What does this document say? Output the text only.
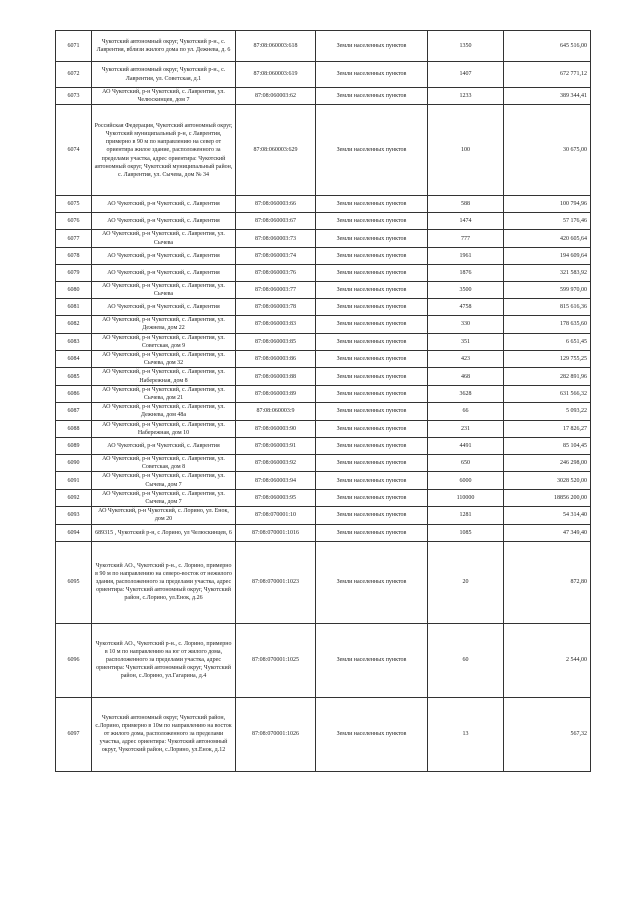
6071	Чукотский автономный округ, Чукотский р-н., с. Лаврентия, вблизи жилого дома по ул. Дежнева, д. 6	87:08:060003:618	Земли населенных пунктов	1350	645 516,00
6072	Чукотский автономный округ, Чукотский р-н., с. Лаврентия, ул. Советская, д.1	87:08:060003:619	Земли населенных пунктов	1407	672 771,12
6073	АО Чукотский, р-н Чукотский, с. Лаврентия, ул. Челюскинцев, дом 7	87:08:060003:62	Земли населенных пунктов	1233	389 344,41
6074	Российская Федерация, Чукотский автономный округ, Чукотский муниципальный р-н, с Лаврентия, примерно в 90 м по направлению на север от ориентира жилое здание, расположенного за пределами участка, адрес ориентира: Чукотский автономный округ, Чукотский муниципальный район, с. Лаврентия, ул. Сычева, дом № 34	87:08:060003:629	Земли населенных пунктов	100	30 675,00
6075	АО Чукотский, р-н Чукотский, с. Лаврентия	87:08:060003:66	Земли населенных пунктов	588	100 794,96
6076	АО Чукотский, р-н Чукотский, с. Лаврентия	87:08:060003:67	Земли населенных пунктов	1474	57 176,46
6077	АО Чукотский, р-н Чукотский, с. Лаврентия, ул. Сычева	87:08:060003:73	Земли населенных пунктов	777	420 605,64
6078	АО Чукотский, р-н Чукотский, с. Лаврентия	87:08:060003:74	Земли населенных пунктов	1961	194 609,64
6079	АО Чукотский, р-н Чукотский, с. Лаврентия	87:08:060003:76	Земли населенных пунктов	1876	321 583,92
6080	АО Чукотский, р-н Чукотский, с. Лаврентия, ул. Сычева	87:08:060003:77	Земли населенных пунктов	3500	599 970,00
6081	АО Чукотский, р-н Чукотский, с. Лаврентия	87:08:060003:78	Земли населенных пунктов	4758	815 616,36
6082	АО Чукотский, р-н Чукотский, с. Лаврентия, ул. Дежнева, дом 22	87:08:060003:83	Земли населенных пунктов	330	178 635,60
6083	АО Чукотский, р-н Чукотский, с. Лаврентия, ул. Советская, дом 9	87:08:060003:85	Земли населенных пунктов	351	6 651,45
6084	АО Чукотский, р-н Чукотский, с. Лаврентия, ул. Сычева, дом 32	87:08:060003:86	Земли населенных пунктов	423	129 755,25
6085	АО Чукотский, р-н Чукотский, с. Лаврентия, ул. Набережная, дом 8	87:08:060003:88	Земли населенных пунктов	468	282 891,96
6086	АО Чукотский, р-н Чукотский, с. Лаврентия, ул. Сычева, дом 21	87:08:060003:89	Земли населенных пунктов	3628	631 566,32
6087	АО Чукотский, р-н Чукотский, с. Лаврентия, ул. Дежнева, дом 48а	87:08:060003:9	Земли населенных пунктов	66	5 093,22
6088	АО Чукотский, р-н Чукотский, с. Лаврентия, ул. Набережная, дом 10	87:08:060003:90	Земли населенных пунктов	231	17 826,27
6089	АО Чукотский, р-н Чукотский, с. Лаврентия	87:08:060003:91	Земли населенных пунктов	4491	85 104,45
6090	АО Чукотский, р-н Чукотский, с. Лаврентия, ул. Советская, дом 8	87:08:060003:92	Земли населенных пунктов	650	246 298,00
6091	АО Чукотский, р-н Чукотский, с. Лаврентия, ул. Сычева, дом 7	87:08:060003:94	Земли населенных пунктов	6000	3028 520,00
6092	АО Чукотский, р-н Чукотский, с. Лаврентия, ул. Сычева, дом 7	87:08:060003:95	Земли населенных пунктов	110000	18856 200,00
6093	АО Чукотский, р-н Чукотский, с. Лорино, ул. Енок, дом 20	87:08:070001:10	Земли населенных пунктов	1281	54 314,40
6094	689315 , Чукотский р-н, с Лорино, ул Челюскинцев, 6	87:08:070001:1016	Земли населенных пунктов	1085	47 349,40
6095	Чукотский АО., Чукотский р-н., с. Лорино, примерно в 90 м по направлению на северо-восток от нежилого здания, расположенного за пределами участка, адрес ориентира: Чукотский автономный округ, Чукотский район, с.Лорино, ул.Енок, д.26	87:08:070001:1023	Земли населенных пунктов	20	872,80
6096	Чукотский АО., Чукотский р-н., с. Лорино, примерно в 10 м по направлению на юг от жилого дома, расположенного за пределами участка, адрес ориентира: Чукотский автономный округ, Чукотский район, с.Лорино, ул.Гагарина, д.4	87:08:070001:1025	Земли населенных пунктов	60	2 544,00
6097	Чукотский автономный округ, Чукотский район, с.Лорино, примерно в 10м по направлению на восток от жилого дома, расположенного за пределами участка, адрес ориентира: Чукотский автономный округ, Чукотский район, с.Лорино, ул.Енок, д.12	87:08:070001:1026	Земли населенных пунктов	13	567,32
